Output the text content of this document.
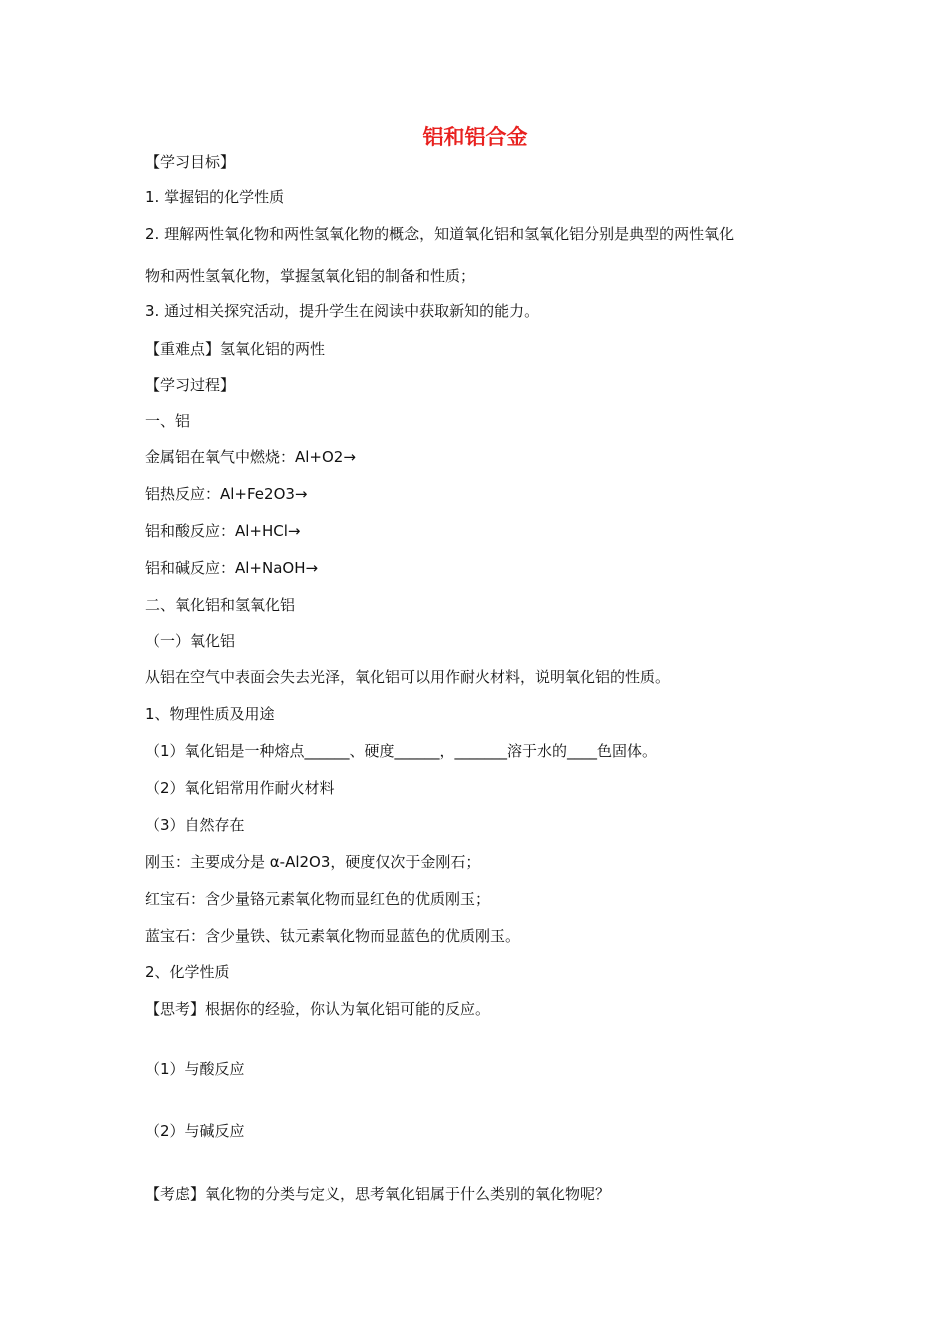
铝和铝合金
【学习目标】
1. 掌握铝的化学性质
2. 理解两性氧化物和两性氢氧化物的概念，知道氧化铝和氢氧化铝分别是典型的两性氧化
物和两性氢氧化物，掌握氢氧化铝的制备和性质；
3. 通过相关探究活动，提升学生在阅读中获取新知的能力。
【重难点】氢氧化铝的两性
【学习过程】
一、铝
金属铝在氧气中燃烧：Al+O2→
铝热反应：Al+Fe2O3→
铝和酸反应：Al+HCl→
铝和碱反应：Al+NaOH→
二、氧化铝和氢氧化铝
（一）氧化铝
从铝在空气中表面会失去光泽，氧化铝可以用作耐火材料，说明氧化铝的性质。
1、物理性质及用途
（1）氧化铝是一种熔点______、硬度______，_______溶于水的____色固体。
（2）氧化铝常用作耐火材料
（3）自然存在
刚玉：主要成分是 α-Al2O3，硬度仅次于金刚石；
红宝石：含少量铬元素氧化物而显红色的优质刚玉；
蓝宝石：含少量铁、钛元素氧化物而显蓝色的优质刚玉。
2、化学性质
【思考】根据你的经验，你认为氧化铝可能的反应。
（1）与酸反应
（2）与碱反应
【考虑】氧化物的分类与定义，思考氧化铝属于什么类别的氧化物呢？
